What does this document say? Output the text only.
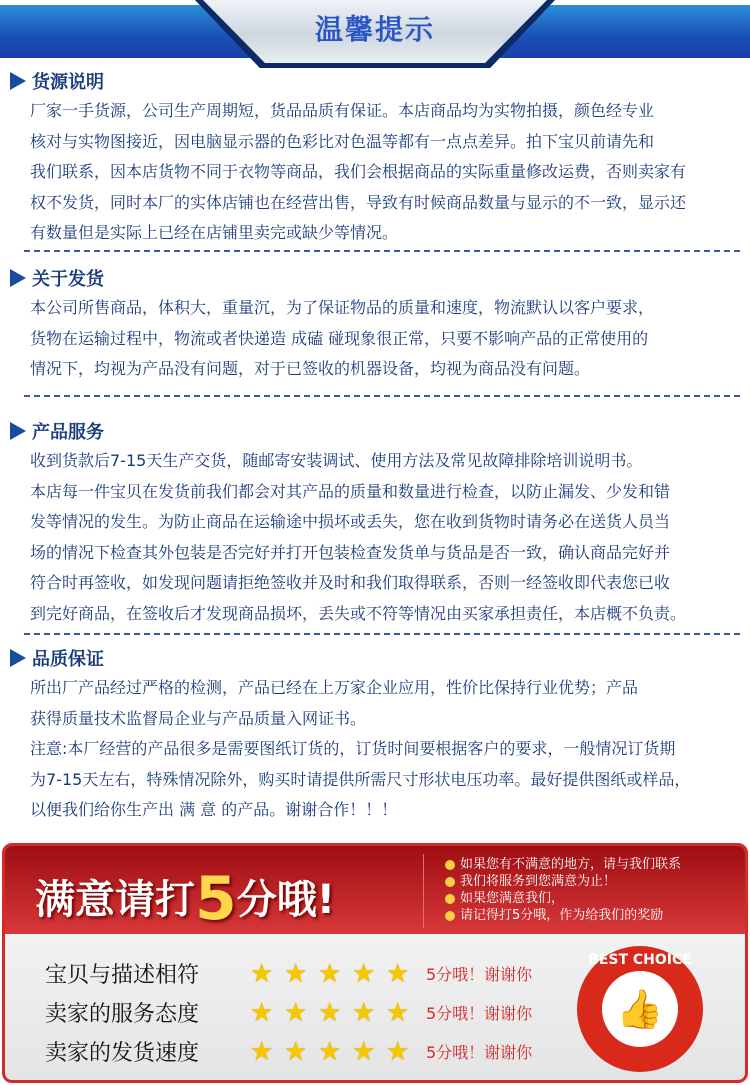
温馨提示
货源说明
厂家一手货源，公司生产周期短，货品品质有保证。本店商品均为实物拍摄，颜色经专业
核对与实物图接近，因电脑显示器的色彩比对色温等都有一点点差异。拍下宝贝前请先和
我们联系，因本店货物不同于衣物等商品，我们会根据商品的实际重量修改运费，否则卖家有
权不发货，同时本厂的实体店铺也在经营出售，导致有时候商品数量与显示的不一致，显示还
有数量但是实际上已经在店铺里卖完或缺少等情况。
关于发货
本公司所售商品，体积大，重量沉，为了保证物品的质量和速度，物流默认以客户要求，
货物在运输过程中，物流或者快递造 成磕 碰现象很正常，只要不影响产品的正常使用的
情况下，均视为产品没有问题，对于已签收的机器设备，均视为商品没有问题。
产品服务
收到货款后7-15天生产交货，随邮寄安装调试、使用方法及常见故障排除培训说明书。
本店每一件宝贝在发货前我们都会对其产品的质量和数量进行检查，以防止漏发、少发和错
发等情况的发生。为防止商品在运输途中损坏或丢失，您在收到货物时请务必在送货人员当
场的情况下检查其外包装是否完好并打开包装检查发货单与货品是否一致，确认商品完好并
符合时再签收，如发现问题请拒绝签收并及时和我们取得联系，否则一经签收即代表您已收
到完好商品，在签收后才发现商品损坏，丢失或不符等情况由买家承担责任，本店概不负责。
品质保证
所出厂产品经过严格的检测，产品已经在上万家企业应用，性价比保持行业优势；产品
获得质量技术监督局企业与产品质量入网证书。
注意:本厂经营的产品很多是需要图纸订货的，订货时间要根据客户的要求，一般情况订货期
为7-15天左右，特殊情况除外，购买时请提供所需尺寸形状电压功率。最好提供图纸或样品，
以便我们给你生产出 满 意 的产品。谢谢合作！！！
满意请打5分哦!
如果您有不满意的地方，请与我们联系
我们将服务到您满意为止！
如果您满意我们，
请记得打5分哦，作为给我们的奖励
宝贝与描述相符	★ ★ ★ ★ ★	5分哦！谢谢你
卖家的服务态度	★ ★ ★ ★ ★	5分哦！谢谢你
卖家的发货速度	★ ★ ★ ★ ★	5分哦！谢谢你
BEST CHOICE
👍
